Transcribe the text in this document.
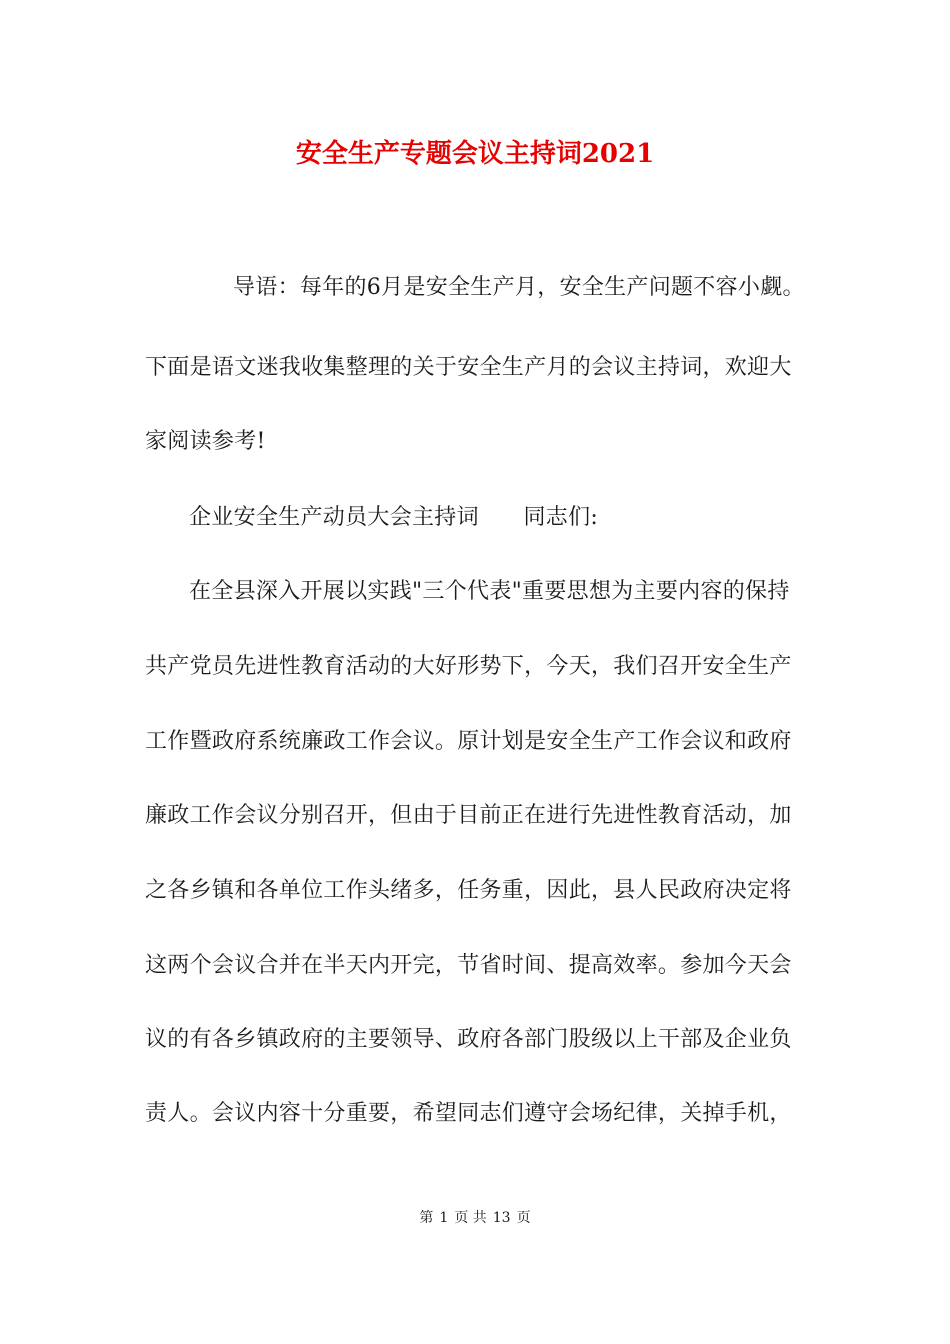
安全生产专题会议主持词2021
导语：每年的6月是安全生产月，安全生产问题不容小觑。
下面是语文迷我收集整理的关于安全生产月的会议主持词，欢迎大
家阅读参考!
企业安全生产动员大会主持词　　同志们:
在全县深入开展以实践"三个代表"重要思想为主要内容的保持
共产党员先进性教育活动的大好形势下，今天，我们召开安全生产
工作暨政府系统廉政工作会议。原计划是安全生产工作会议和政府
廉政工作会议分别召开，但由于目前正在进行先进性教育活动，加
之各乡镇和各单位工作头绪多，任务重，因此，县人民政府决定将
这两个会议合并在半天内开完，节省时间、提高效率。参加今天会
议的有各乡镇政府的主要领导、政府各部门股级以上干部及企业负
责人。会议内容十分重要，希望同志们遵守会场纪律，关掉手机，
第 1 页 共 13 页
